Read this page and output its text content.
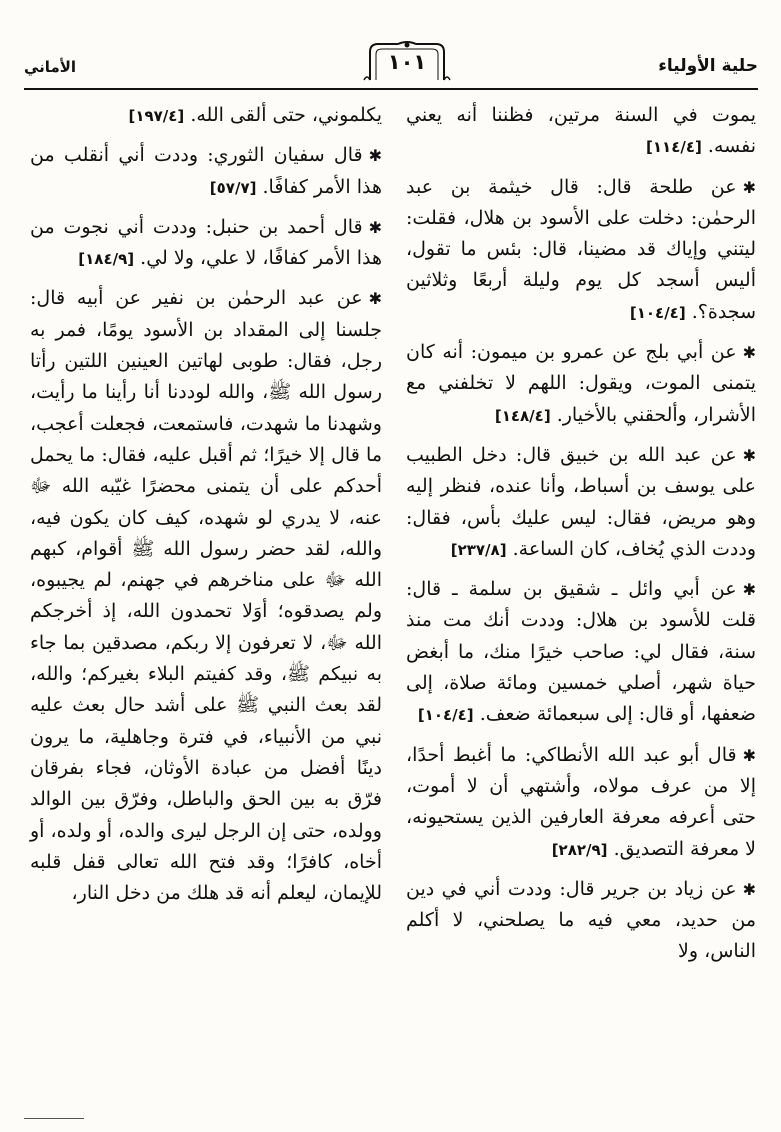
حلية الأولياء
١٠١
الأماني

يموت في السنة مرتين، فظننا أنه يعني نفسه. [١١٤/٤]

✱عن طلحة قال: قال خيثمة بن عبد الرحمٰن: دخلت على الأسود بن هلال، فقلت: ليتني وإياك قد مضينا، قال: بئس ما تقول، أليس أسجد كل يوم وليلة أربعًا وثلاثين سجدة؟. [١٠٤/٤]

✱عن أبي بلج عن عمرو بن ميمون: أنه كان يتمنى الموت، ويقول: اللهم لا تخلفني مع الأشرار، وألحقني بالأخيار. [١٤٨/٤]

✱عن عبد الله بن خبيق قال: دخل الطبيب على يوسف بن أسباط، وأنا عنده، فنظر إليه وهو مريض، فقال: ليس عليك بأس، فقال: وددت الذي يُخاف، كان الساعة. [٢٣٧/٨]

✱عن أبي وائل ـ شقيق بن سلمة ـ قال: قلت للأسود بن هلال: وددت أنك مت منذ سنة، فقال لي: صاحب خيرًا منك، ما أبغض حياة شهر، أصلي خمسين ومائة صلاة، إلى ضعفها، أو قال: إلى سبعمائة ضعف. [١٠٤/٤]

✱قال أبو عبد الله الأنطاكي: ما أغبط أحدًا، إلا من عرف مولاه، وأشتهي أن لا أموت، حتى أعرفه معرفة العارفين الذين يستحيونه، لا معرفة التصديق. [٢٨٢/٩]

✱عن زياد بن جرير قال: وددت أني في دين من حديد، معي فيه ما يصلحني، لا أكلم الناس، ولا

يكلموني، حتى ألقى الله. [١٩٧/٤]

✱قال سفيان الثوري: وددت أني أنقلب من هذا الأمر كفافًا. [٥٧/٧]

✱قال أحمد بن حنبل: وددت أني نجوت من هذا الأمر كفافًا، لا علي، ولا لي. [١٨٤/٩]

✱عن عبد الرحمٰن بن نفير عن أبيه قال: جلسنا إلى المقداد بن الأسود يومًا، فمر به رجل، فقال: طوبى لهاتين العينين اللتين رأتا رسول الله ﷺ، والله لوددنا أنا رأينا ما رأيت، وشهدنا ما شهدت، فاستمعت، فجعلت أعجب، ما قال إلا خيرًا؛ ثم أقبل عليه، فقال: ما يحمل أحدكم على أن يتمنى محضرًا غيّبه الله ﷻ عنه، لا يدري لو شهده، كيف كان يكون فيه، والله، لقد حضر رسول الله ﷺ أقوام، كبهم الله ﷻ على مناخرهم في جهنم، لم يجيبوه، ولم يصدقوه؛ أوَلا تحمدون الله، إذ أخرجكم الله ﷻ، لا تعرفون إلا ربكم، مصدقين بما جاء به نبيكم ﷺ، وقد كفيتم البلاء بغيركم؛ والله، لقد بعث النبي ﷺ على أشد حال بعث عليه نبي من الأنبياء، في فترة وجاهلية، ما يرون دينًا أفضل من عبادة الأوثان، فجاء بفرقان فرّق به بين الحق والباطل، وفرّق بين الوالد وولده، حتى إن الرجل ليرى والده، أو ولده، أو أخاه، كافرًا؛ وقد فتح الله تعالى قفل قلبه للإيمان، ليعلم أنه قد هلك من دخل النار،
